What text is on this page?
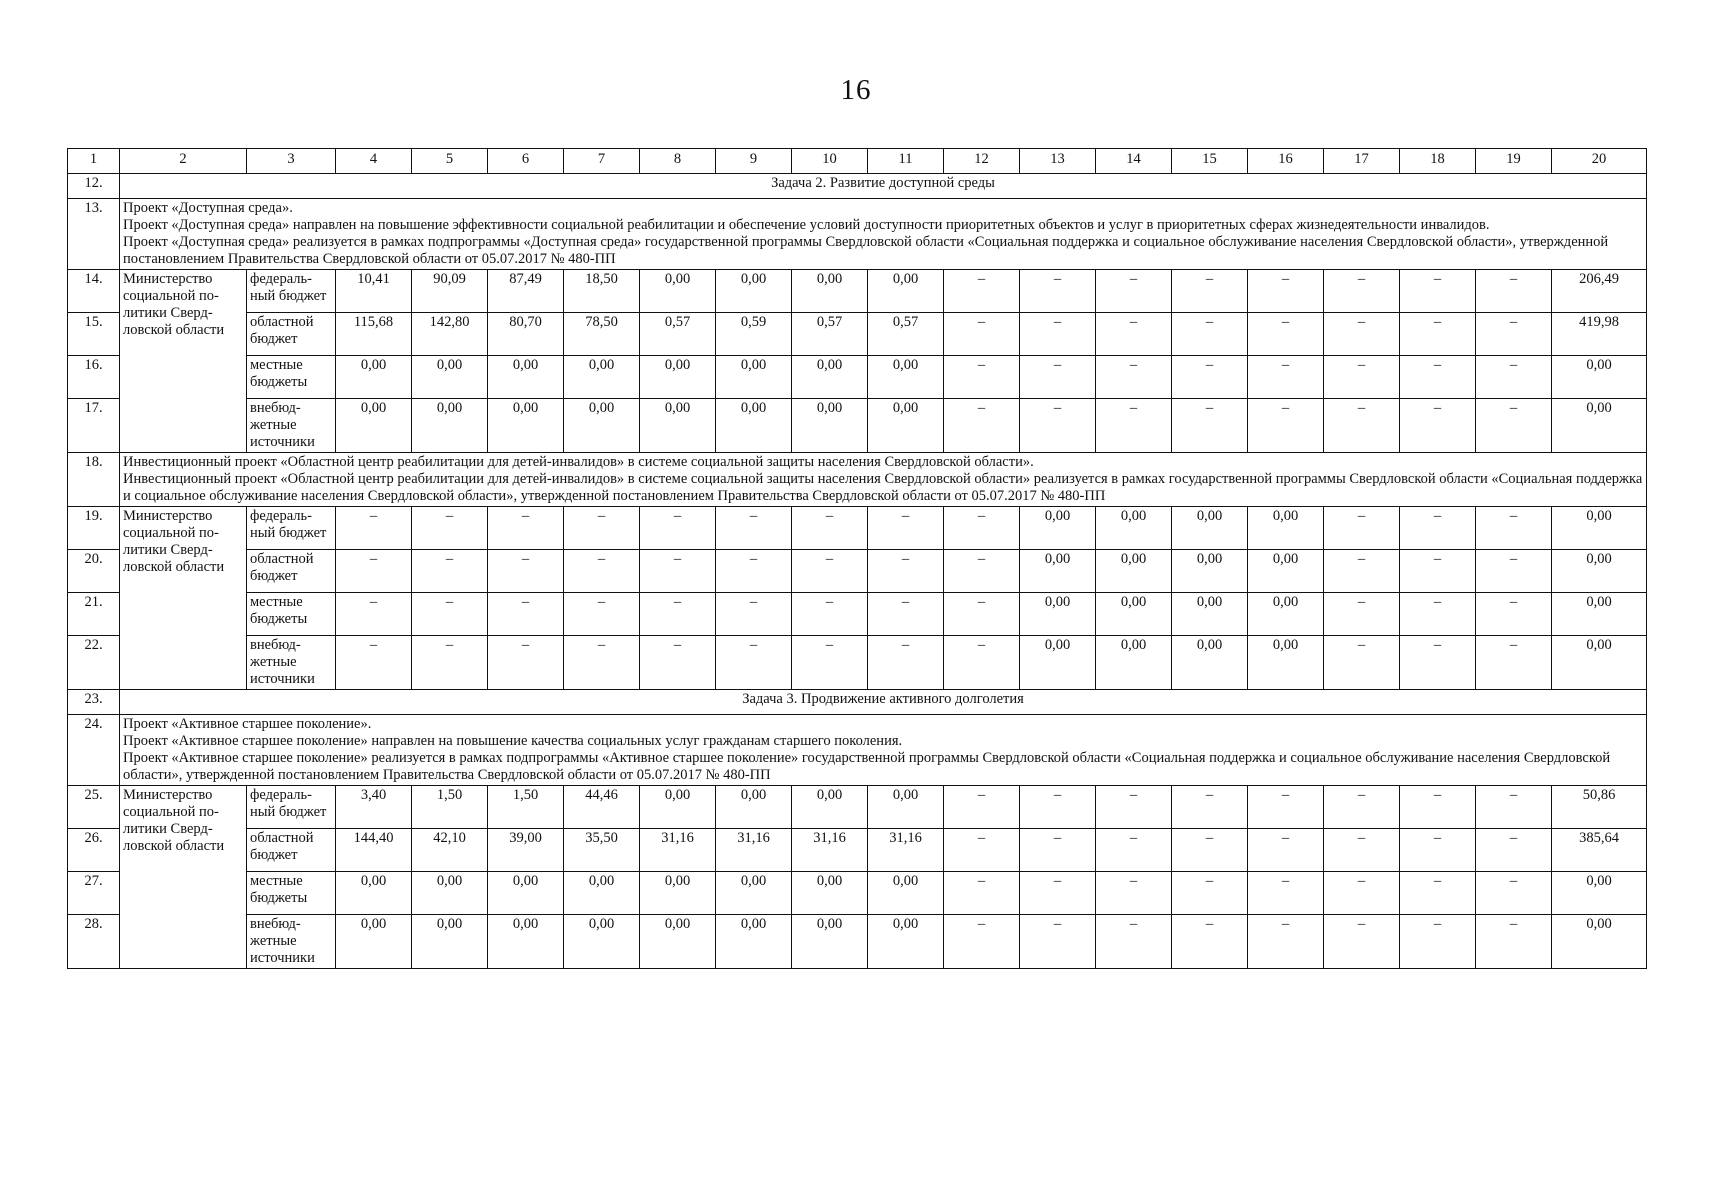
16
1	2	3	4	5	6	7	8	9	10	11	12	13	14	15	16	17	18	19	20
12.	Задача 2. Развитие доступной среды																		
13.	Проект «Доступная среда».
Проект «Доступная среда» направлен на повышение эффективности социальной реабилитации и обеспечение условий доступности приоритетных объектов и услуг в приоритетных сферах жизнедеятельности инвалидов.
Проект «Доступная среда» реализуется в рамках подпрограммы «Доступная среда» государственной программы Свердловской области «Социальная поддержка и социальное обслуживание населения Свердловской области», утвержденной постановлением Правительства Свердловской области от 05.07.2017 № 480-ПП																		

14.	Министерство социальной по-литики Сверд-ловской области	федераль-ный бюджет	10,41	90,09	87,49	18,50	0,00	0,00	0,00	0,00	–	–	–	–	–	–	–	–	206,49
15.		областной бюджет	115,68	142,80	80,70	78,50	0,57	0,59	0,57	0,57	–	–	–	–	–	–	–	–	419,98
16.		местные бюджеты	0,00	0,00	0,00	0,00	0,00	0,00	0,00	0,00	–	–	–	–	–	–	–	–	0,00
17.		внебюд-жетные источники	0,00	0,00	0,00	0,00	0,00	0,00	0,00	0,00	–	–	–	–	–	–	–	–	0,00
18.	Инвестиционный проект «Областной центр реабилитации для детей-инвалидов» в системе социальной защиты населения Свердловской области».
Инвестиционный проект «Областной центр реабилитации для детей-инвалидов» в системе социальной защиты населения Свердловской области» реализуется в рамках государственной программы Свердловской области «Социальная поддержка и социальное обслуживание населения Свердловской области», утвержденной постановлением Правительства Свердловской области от 05.07.2017 № 480-ПП																		

19.	Министерство социальной по-литики Сверд-ловской области	федераль-ный бюджет	–	–	–	–	–	–	–	–	–	0,00	0,00	0,00	0,00	–	–	–	0,00
20.		областной бюджет	–	–	–	–	–	–	–	–	–	0,00	0,00	0,00	0,00	–	–	–	0,00
21.		местные бюджеты	–	–	–	–	–	–	–	–	–	0,00	0,00	0,00	0,00	–	–	–	0,00
22.		внебюд-жетные источники	–	–	–	–	–	–	–	–	–	0,00	0,00	0,00	0,00	–	–	–	0,00
23.	Задача 3. Продвижение активного долголетия																		
24.	Проект «Активное старшее поколение».
Проект «Активное старшее поколение» направлен на повышение качества социальных услуг гражданам старшего поколения.
Проект «Активное старшее поколение» реализуется в рамках подпрограммы «Активное старшее поколение» государственной программы Свердловской области «Социальная поддержка и социальное обслуживание населения Свердловской области», утвержденной постановлением Правительства Свердловской области от 05.07.2017 № 480-ПП																		

25.	Министерство социальной по-литики Сверд-ловской области	федераль-ный бюджет	3,40	1,50	1,50	44,46	0,00	0,00	0,00	0,00	–	–	–	–	–	–	–	–	50,86
26.		областной бюджет	144,40	42,10	39,00	35,50	31,16	31,16	31,16	31,16	–	–	–	–	–	–	–	–	385,64
27.		местные бюджеты	0,00	0,00	0,00	0,00	0,00	0,00	0,00	0,00	–	–	–	–	–	–	–	–	0,00
28.		внебюд-жетные источники	0,00	0,00	0,00	0,00	0,00	0,00	0,00	0,00	–	–	–	–	–	–	–	–	0,00
